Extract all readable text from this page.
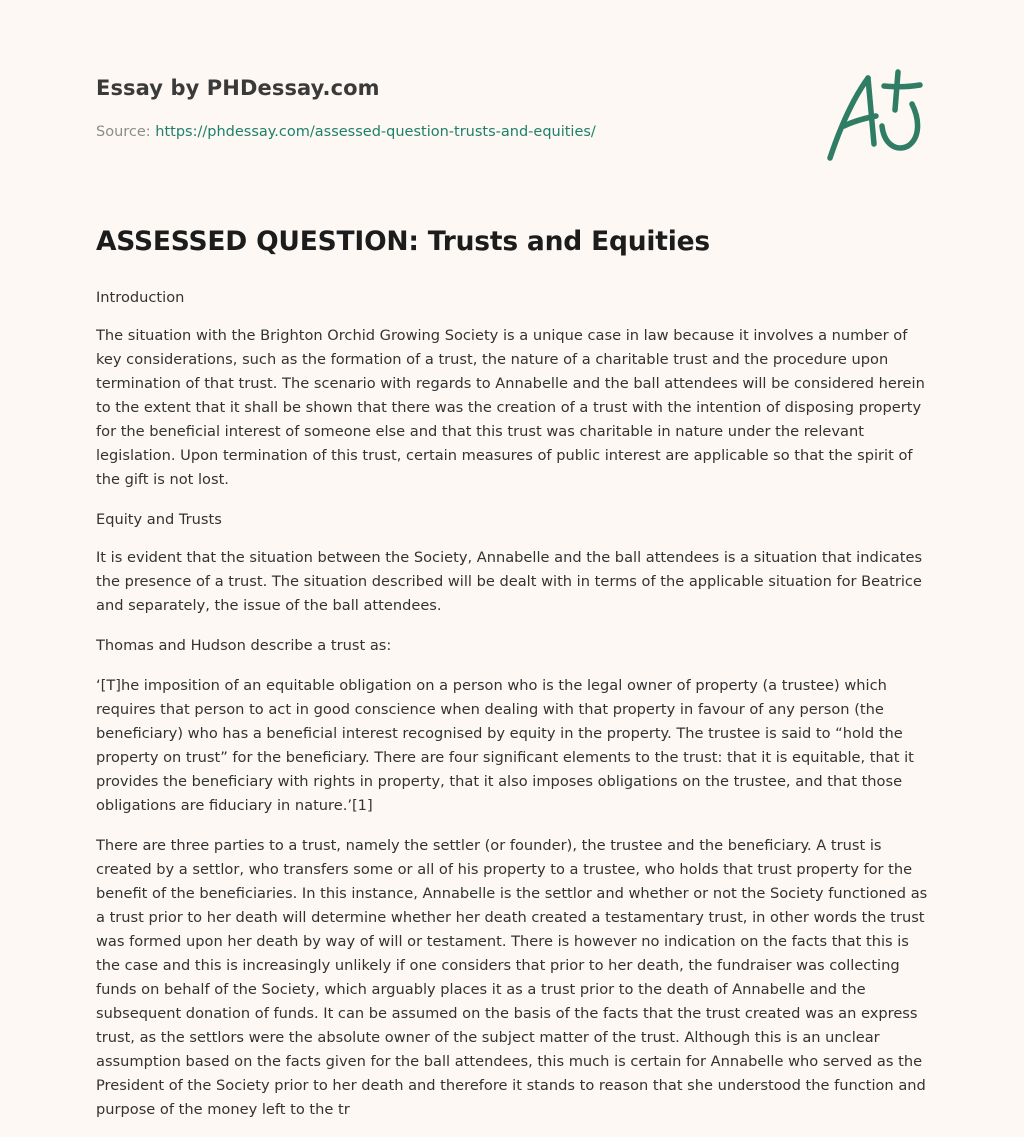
Essay by PHDessay.com
Source: https://phdessay.com/assessed-question-trusts-and-equities/
ASSESSED QUESTION: Trusts and Equities

Introduction

The situation with the Brighton Orchid Growing Society is a unique case in law because it involves a number of key considerations, such as the formation of a trust, the nature of a charitable trust and the procedure upon termination of that trust. The scenario with regards to Annabelle and the ball attendees will be considered herein to the extent that it shall be shown that there was the creation of a trust with the intention of disposing property for the beneficial interest of someone else and that this trust was charitable in nature under the relevant legislation. Upon termination of this trust, certain measures of public interest are applicable so that the spirit of the gift is not lost.

Equity and Trusts

It is evident that the situation between the Society, Annabelle and the ball attendees is a situation that indicates the presence of a trust. The situation described will be dealt with in terms of the applicable situation for Beatrice and separately, the issue of the ball attendees.

Thomas and Hudson describe a trust as:

‘[T]he imposition of an equitable obligation on a person who is the legal owner of property (a trustee) which requires that person to act in good conscience when dealing with that property in favour of any person (the beneficiary) who has a beneficial interest recognised by equity in the property. The trustee is said to “hold the property on trust” for the beneficiary. There are four significant elements to the trust: that it is equitable, that it provides the beneficiary with rights in property, that it also imposes obligations on the trustee, and that those obligations are fiduciary in nature.’[1]

There are three parties to a trust, namely the settler (or founder), the trustee and the beneficiary. A trust is created by a settlor, who transfers some or all of his property to a trustee, who holds that trust property for the benefit of the beneficiaries. In this instance, Annabelle is the settlor and whether or not the Society functioned as a trust prior to her death will determine whether her death created a testamentary trust, in other words the trust was formed upon her death by way of will or testament. There is however no indication on the facts that this is the case and this is increasingly unlikely if one considers that prior to her death, the fundraiser was collecting funds on behalf of the Society, which arguably places it as a trust prior to the death of Annabelle and the subsequent donation of funds. It can be assumed on the basis of the facts that the trust created was an express trust, as the settlors were the absolute owner of the subject matter of the trust. Although this is an unclear assumption based on the facts given for the ball attendees, this much is certain for Annabelle who served as the President of the Society prior to her death and therefore it stands to reason that she understood the function and purpose of the money left to the tr
